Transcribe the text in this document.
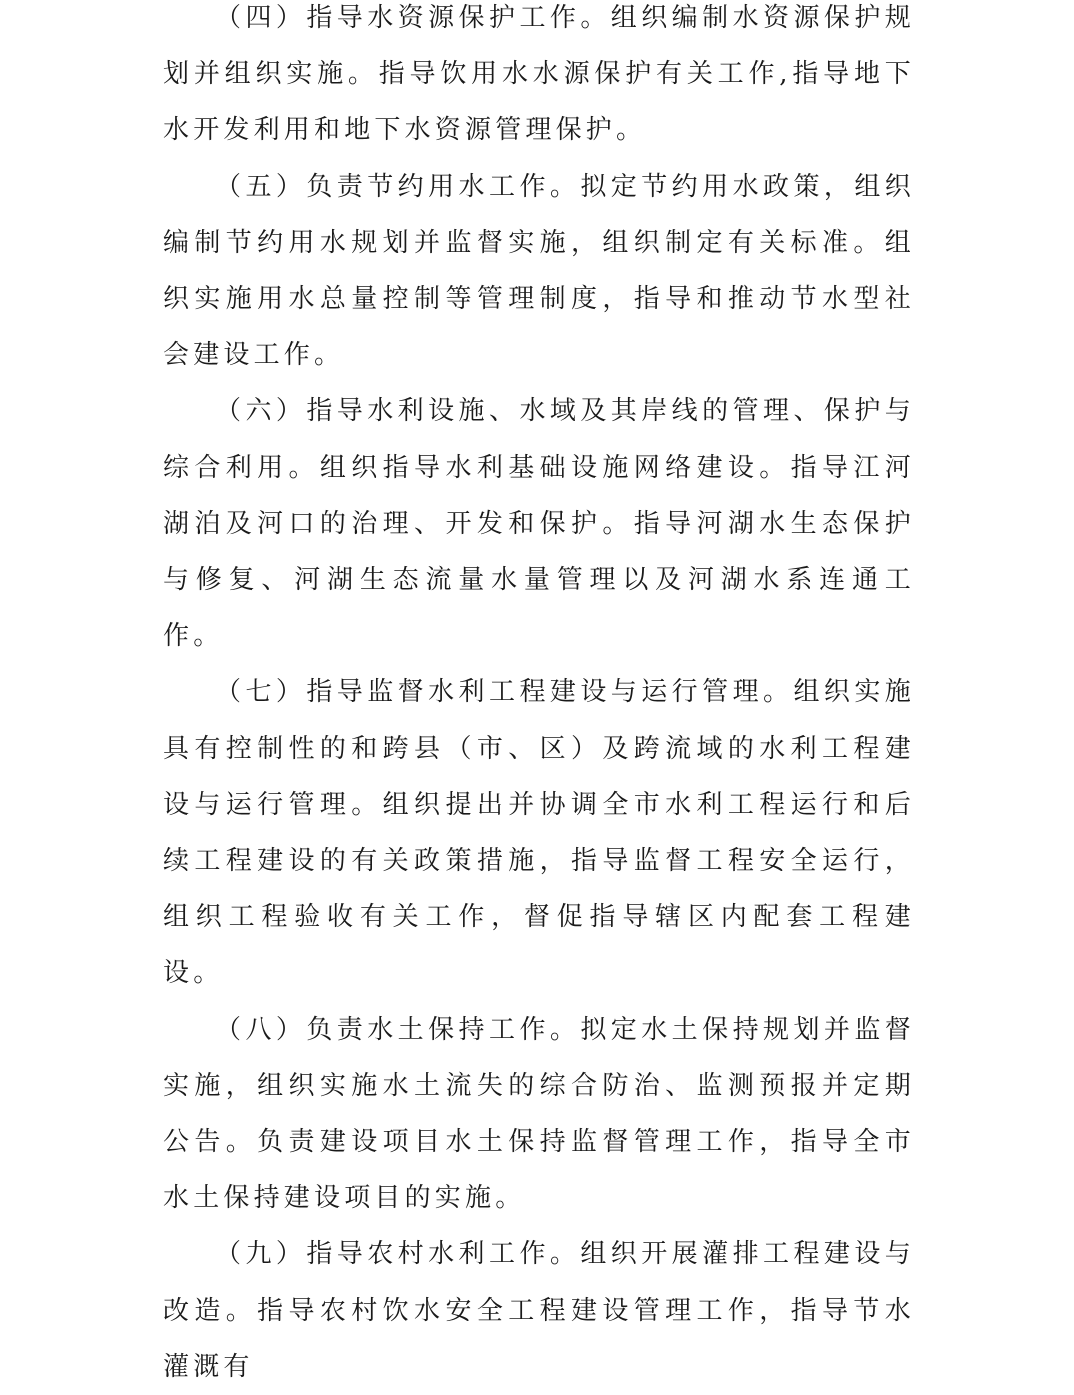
（四）指导水资源保护工作。组织编制水资源保护规划并组织实施。指导饮用水水源保护有关工作,指导地下水开发利用和地下水资源管理保护。

（五）负责节约用水工作。拟定节约用水政策，组织编制节约用水规划并监督实施，组织制定有关标准。组织实施用水总量控制等管理制度，指导和推动节水型社会建设工作。

（六）指导水利设施、水域及其岸线的管理、保护与综合利用。组织指导水利基础设施网络建设。指导江河湖泊及河口的治理、开发和保护。指导河湖水生态保护与修复、河湖生态流量水量管理以及河湖水系连通工作。

（七）指导监督水利工程建设与运行管理。组织实施具有控制性的和跨县（市、区）及跨流域的水利工程建设与运行管理。组织提出并协调全市水利工程运行和后续工程建设的有关政策措施，指导监督工程安全运行，组织工程验收有关工作，督促指导辖区内配套工程建设。

（八）负责水土保持工作。拟定水土保持规划并监督实施，组织实施水土流失的综合防治、监测预报并定期公告。负责建设项目水土保持监督管理工作，指导全市水土保持建设项目的实施。

（九）指导农村水利工作。组织开展灌排工程建设与改造。指导农村饮水安全工程建设管理工作，指导节水灌溉有
